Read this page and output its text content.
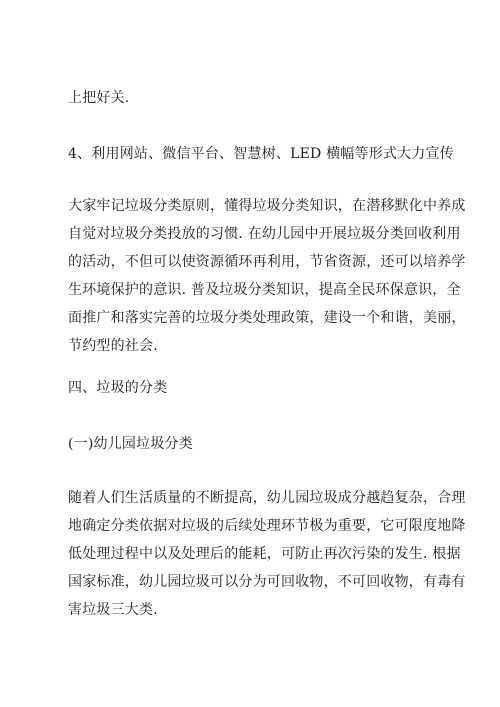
上把好关.

4、利用网站、微信平台、智慧树、LED 横幅等形式大力宣传

大家牢记垃圾分类原则，懂得垃圾分类知识，在潜移默化中养成
自觉对垃圾分类投放的习惯. 在幼儿园中开展垃圾分类回收利用
的活动，不但可以使资源循环再利用，节省资源，还可以培养学
生环境保护的意识. 普及垃圾分类知识，提高全民环保意识，全
面推广和落实完善的垃圾分类处理政策，建设一个和谐，美丽，
节约型的社会.

四、垃圾的分类

(一)幼儿园垃圾分类

随着人们生活质量的不断提高，幼儿园垃圾成分越趋复杂，合理
地确定分类依据对垃圾的后续处理环节极为重要，它可限度地降
低处理过程中以及处理后的能耗，可防止再次污染的发生. 根据
国家标准，幼儿园垃圾可以分为可回收物，不可回收物，有毒有
害垃圾三大类.
